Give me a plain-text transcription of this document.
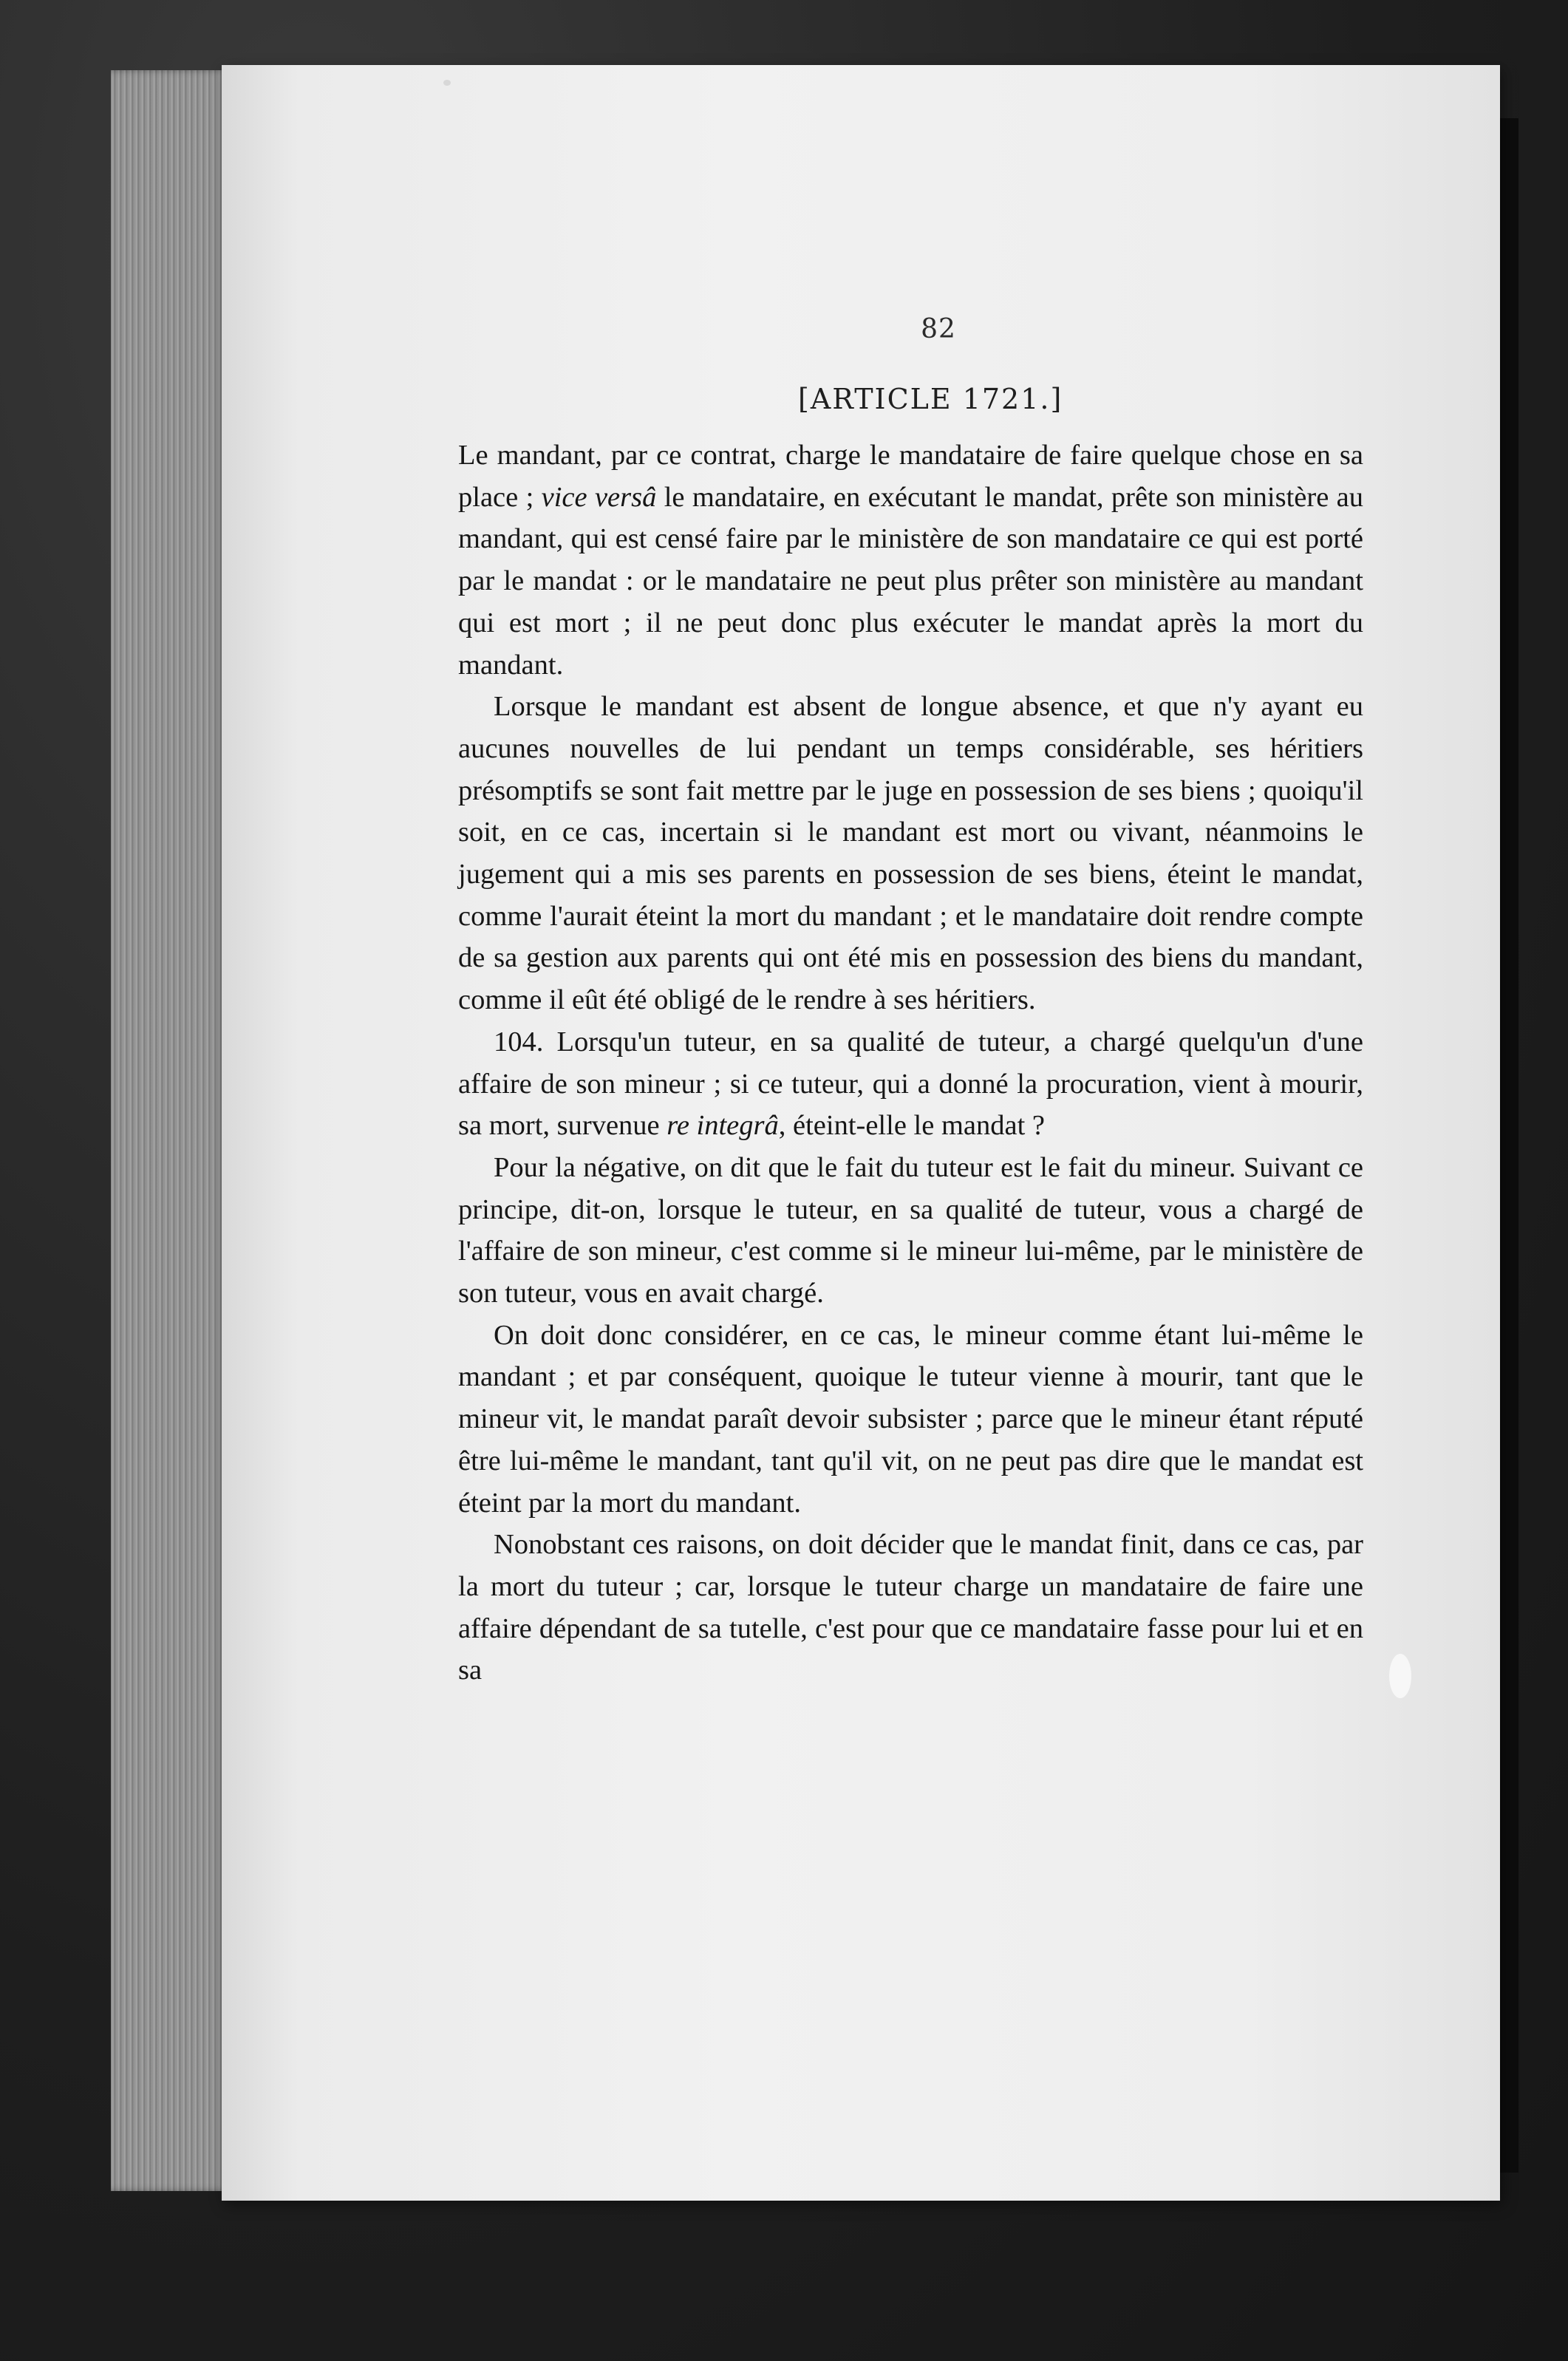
82
[ARTICLE 1721.]

Le mandant, par ce contrat, charge le mandataire de faire quelque chose en sa place ; vice versâ le mandataire, en exécutant le mandat, prête son ministère au mandant, qui est censé faire par le ministère de son mandataire ce qui est porté par le mandat : or le mandataire ne peut plus prêter son ministère au mandant qui est mort ; il ne peut donc plus exécuter le mandat après la mort du mandant.

Lorsque le mandant est absent de longue absence, et que n'y ayant eu aucunes nouvelles de lui pendant un temps considérable, ses héritiers présomptifs se sont fait mettre par le juge en possession de ses biens ; quoiqu'il soit, en ce cas, incertain si le mandant est mort ou vivant, néanmoins le jugement qui a mis ses parents en possession de ses biens, éteint le mandat, comme l'aurait éteint la mort du mandant ; et le mandataire doit rendre compte de sa gestion aux parents qui ont été mis en possession des biens du mandant, comme il eût été obligé de le rendre à ses héritiers.

104. Lorsqu'un tuteur, en sa qualité de tuteur, a chargé quelqu'un d'une affaire de son mineur ; si ce tuteur, qui a donné la procuration, vient à mourir, sa mort, survenue re integrâ, éteint-elle le mandat ?

Pour la négative, on dit que le fait du tuteur est le fait du mineur. Suivant ce principe, dit-on, lorsque le tuteur, en sa qualité de tuteur, vous a chargé de l'affaire de son mineur, c'est comme si le mineur lui-même, par le ministère de son tuteur, vous en avait chargé.

On doit donc considérer, en ce cas, le mineur comme étant lui-même le mandant ; et par conséquent, quoique le tuteur vienne à mourir, tant que le mineur vit, le mandat paraît devoir subsister ; parce que le mineur étant réputé être lui-même le mandant, tant qu'il vit, on ne peut pas dire que le mandat est éteint par la mort du mandant.

Nonobstant ces raisons, on doit décider que le mandat finit, dans ce cas, par la mort du tuteur ; car, lorsque le tuteur charge un mandataire de faire une affaire dépendant de sa tutelle, c'est pour que ce mandataire fasse pour lui et en sa
